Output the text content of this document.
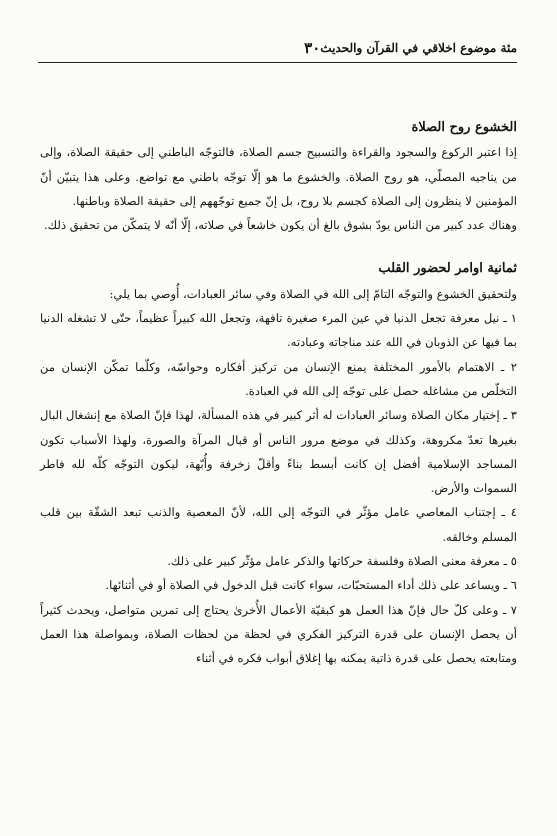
مئة موضوع اخلاقي في القرآن والحديث
٣٠

الخشوع روح الصلاة

إذا اعتبر الركوع والسجود والقراءة والتسبيح جسم الصلاة، فالتوجّه الباطني إلى حقيقة الصلاة، وإلى من يناجيه المصلّي، هو روح الصلاة. والخشوع ما هو إلّا توجّه باطني مع تواضع. وعلى هذا يتبيّن أنّ المؤمنين لا ينظرون إلى الصلاة كجسم بلا روح، بل إنّ جميع توجّههم إلى حقيقة الصلاة وباطنها.

وهناك عدد كبير من الناس يودّ بشوق بالغ أن يكون خاشعاً في صلاته، إلّا أنّه لا يتمكّن من تحقيق ذلك.

ثمانية اوامر لحضور القلب

ولتحقيق الخشوع والتوجّه التامّ إلى الله في الصلاة وفي سائر العبادات، أُوصي بما يلي:

١ ـ نيل معرفة تجعل الدنيا في عين المرء صغيرة تافهة، وتجعل الله كبيراً عظيماً، حتّى لا تشغله الدنيا بما فيها عن الذوبان في الله عند مناجاته وعبادته.

٢ ـ الاهتمام بالأمور المختلفة يمنع الإنسان من تركيز أفكاره وحواسّه، وكلّما تمكّن الإنسان من التخلّص من مشاغله حصل على توجّه إلى الله في العبادة.

٣ ـ إختيار مكان الصلاة وسائر العبادات له أثر كبير في هذه المسألة، لهذا فإنّ الصلاة مع إنشغال البال بغيرها تعدّ مكروهة، وكذلك في موضع مرور الناس أو قبال المرآة والصورة، ولهذا الأسباب تكون المساجد الإسلامية أفضل إن كانت أبسط بناءً وأقلّ زخرفة وأُبّهة، ليكون التوجّه كلّه لله فاطر السموات والأرض.

٤ ـ إجتناب المعاصي عامل مؤثّر في التوجّه إلى الله، لأنّ المعصية والذنب تبعد الشقّة بين قلب المسلم وخالقه.

٥ ـ معرفة معنى الصلاة وفلسفة حركاتها والذكر عامل مؤثّر كبير على ذلك.

٦ ـ ويساعد على ذلك أداء المستحبّات، سواء كانت قبل الدخول في الصلاة أو في أثنائها.

٧ ـ وعلى كلّ حال فإنّ هذا العمل هو كبقيّة الأعمال الأُخرىٰ يحتاج إلى تمرين متواصل، ويحدث كثيراً أن يحصل الإنسان على قدرة التركيز الفكري في لحظة من لحظات الصلاة، وبمواصلة هذا العمل ومتابعته يحصل على قدرة ذاتية يمكنه بها إغلاق أبواب فكره في أثناء
